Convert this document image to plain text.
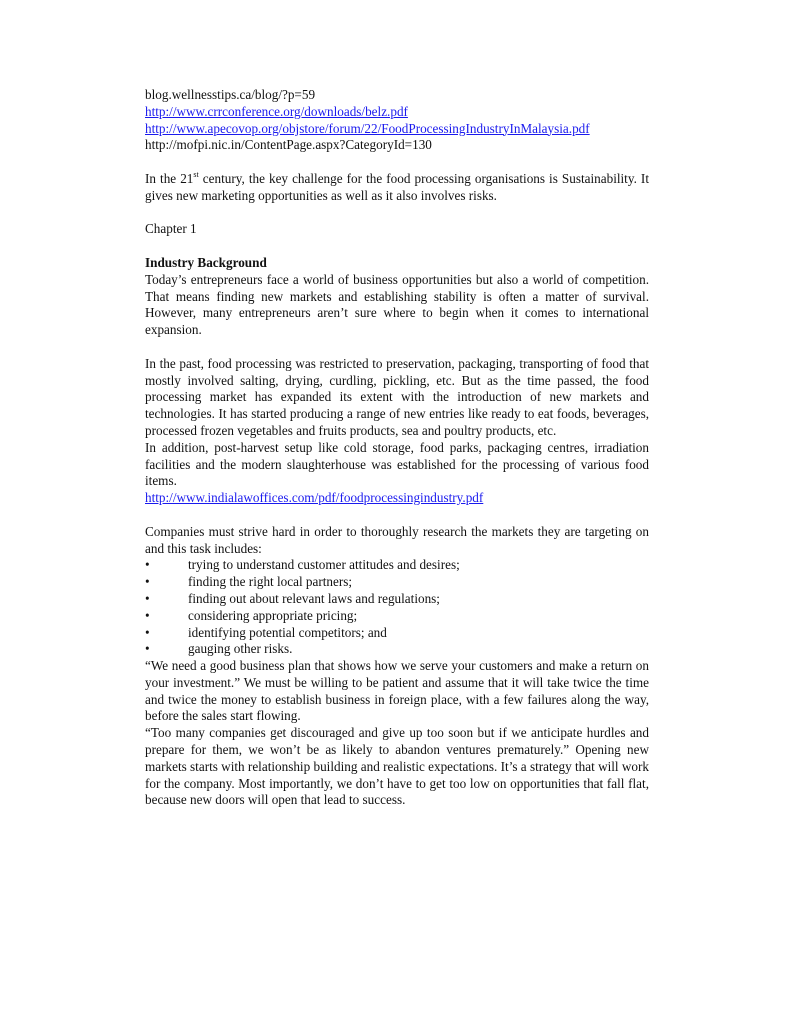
blog.wellnesstips.ca/blog/?p=59
http://www.crrconference.org/downloads/belz.pdf
http://www.apecovop.org/objstore/forum/22/FoodProcessingIndustryInMalaysia.pdf
http://mofpi.nic.in/ContentPage.aspx?CategoryId=130

In the 21st century, the key challenge for the food processing organisations is Sustainability. It gives new marketing opportunities as well as it also involves risks.

Chapter 1
Industry Background

Today’s entrepreneurs face a world of business opportunities but also a world of competition. That means finding new markets and establishing stability is often a matter of survival. However, many entrepreneurs aren’t sure where to begin when it comes to international expansion.

In the past, food processing was restricted to preservation, packaging, transporting of food that mostly involved salting, drying, curdling, pickling, etc. But as the time passed, the food processing market has expanded its extent with the introduction of new markets and technologies. It has started producing a range of new entries like ready to eat foods, beverages, processed frozen vegetables and fruits products, sea and poultry products, etc.

In addition, post-harvest setup like cold storage, food parks, packaging centres, irradiation facilities and the modern slaughterhouse was established for the processing of various food items.

http://www.indialawoffices.com/pdf/foodprocessingindustry.pdf

Companies must strive hard in order to thoroughly research the markets they are targeting on and this task includes:

•	trying to understand customer attitudes and desires;
•	finding the right local partners;
•	finding out about relevant laws and regulations;
•	considering appropriate pricing;
•	identifying potential competitors; and
•	gauging other risks.

“We need a good business plan that shows how we serve your customers and make a return on your investment.” We must be willing to be patient and assume that it will take twice the time and twice the money to establish business in foreign place, with a few failures along the way, before the sales start flowing.

“Too many companies get discouraged and give up too soon but if we anticipate hurdles and prepare for them, we won’t be as likely to abandon ventures prematurely.” Opening new markets starts with relationship building and realistic expectations. It’s a strategy that will work for the company. Most importantly, we don’t have to get too low on opportunities that fall flat, because new doors will open that lead to success.
